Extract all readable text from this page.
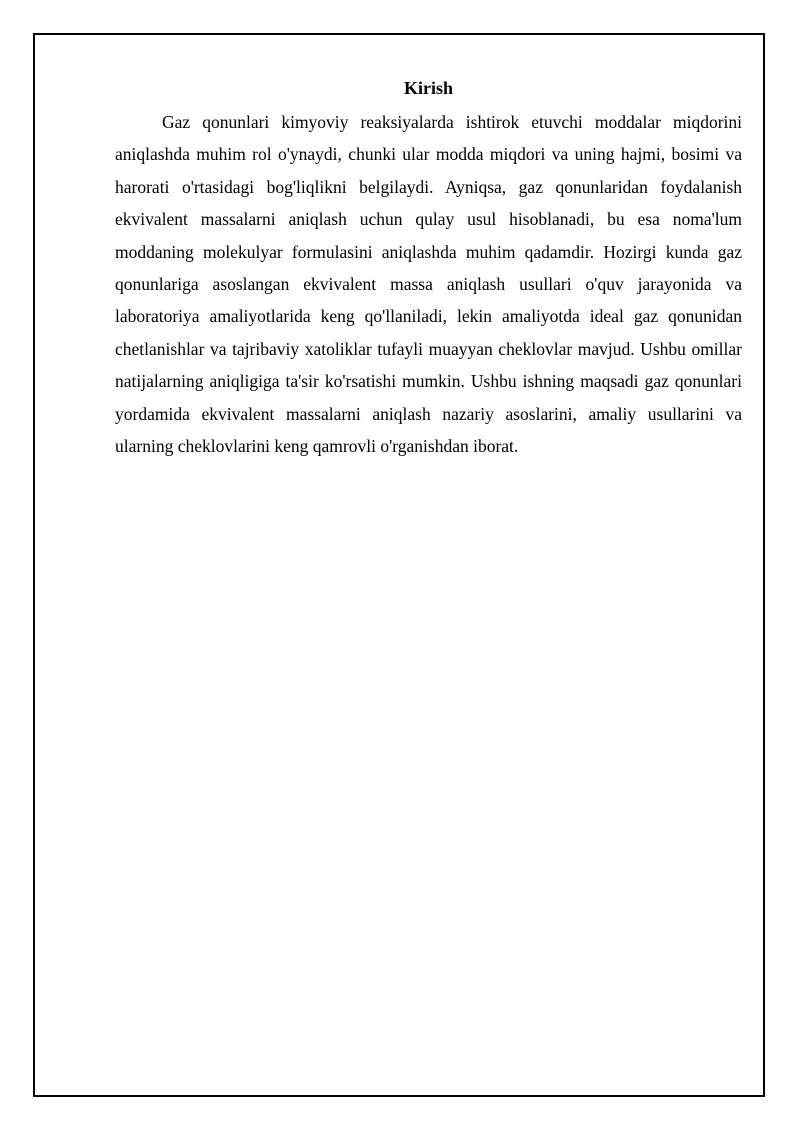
Kirish

Gaz qonunlari kimyoviy reaksiyalarda ishtirok etuvchi moddalar miqdorini aniqlashda muhim rol o'ynaydi, chunki ular modda miqdori va uning hajmi, bosimi va harorati o'rtasidagi bog'liqlikni belgilaydi. Ayniqsa, gaz qonunlaridan foydalanish ekvivalent massalarni aniqlash uchun qulay usul hisoblanadi, bu esa noma'lum moddaning molekulyar formulasini aniqlashda muhim qadamdir. Hozirgi kunda gaz qonunlariga asoslangan ekvivalent massa aniqlash usullari o'quv jarayonida va laboratoriya amaliyotlarida keng qo'llaniladi, lekin amaliyotda ideal gaz qonunidan chetlanishlar va tajribaviy xatoliklar tufayli muayyan cheklovlar mavjud. Ushbu omillar natijalarning aniqligiga ta'sir ko'rsatishi mumkin. Ushbu ishning maqsadi gaz qonunlari yordamida ekvivalent massalarni aniqlash nazariy asoslarini, amaliy usullarini va ularning cheklovlarini keng qamrovli o'rganishdan iborat.
